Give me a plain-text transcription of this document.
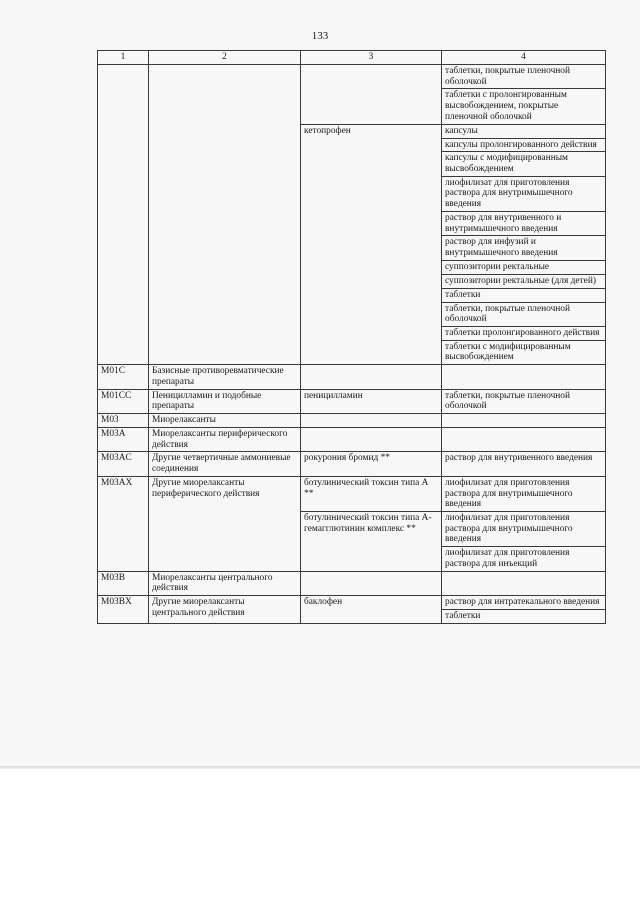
133
1	2	3	4
			таблетки, покрытые пленочной оболочкой
			таблетки с пролонгированным высвобождением, покрытые пленочной оболочкой
		кетопрофен	капсулы
			капсулы пролонгированного действия
			капсулы с модифицированным высвобождением
			лиофилизат для приготовления раствора для внутримышечного введения
			раствор для внутривенного и внутримышечного введения
			раствор для инфузий и внутримышечного введения
			суппозитории ректальные
			суппозитории ректальные (для детей)
			таблетки
			таблетки, покрытые пленочной оболочкой
			таблетки пролонгированного действия
			таблетки с модифицированным высвобождением
M01C	Базисные противоревматические препараты		
M01CC	Пеницилламин и подобные препараты	пеницилламин	таблетки, покрытые пленочной оболочкой
M03	Миорелаксанты		
M03A	Миорелаксанты периферического действия		
M03AC	Другие четвертичные аммониевые соединения	рокурония бромид **	раствор для внутривенного введения
M03AX	Другие миорелаксанты периферического действия	ботулинический токсин типа А **	лиофилизат для приготовления раствора для внутримышечного введения
		ботулинический токсин типа А-гемагглютинин комплекс **	лиофилизат для приготовления раствора для внутримышечного введения
			лиофилизат для приготовления раствора для инъекций
M03B	Миорелаксанты центрального действия		
M03BX	Другие миорелаксанты центрального действия	баклофен	раствор для интратекального введения
			таблетки
